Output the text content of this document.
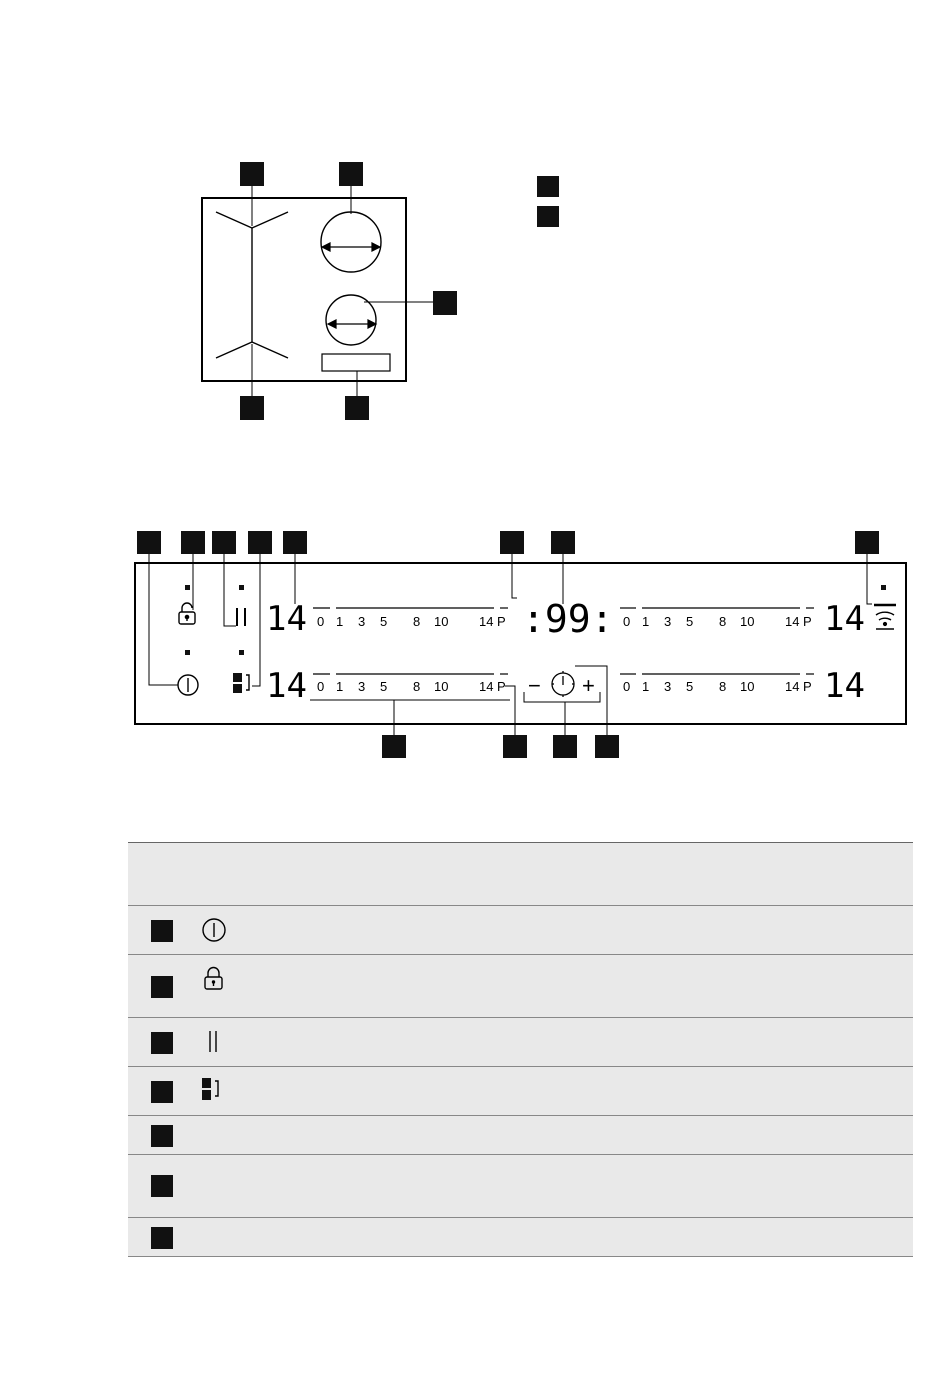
14
14
14
14
:99:
− +
0 1 3 5 8 10 14 P
0 1 3 5 8 10 14 P
0 1 3 5 8 10 14 P
0 1 3 5 8 10 14 P
